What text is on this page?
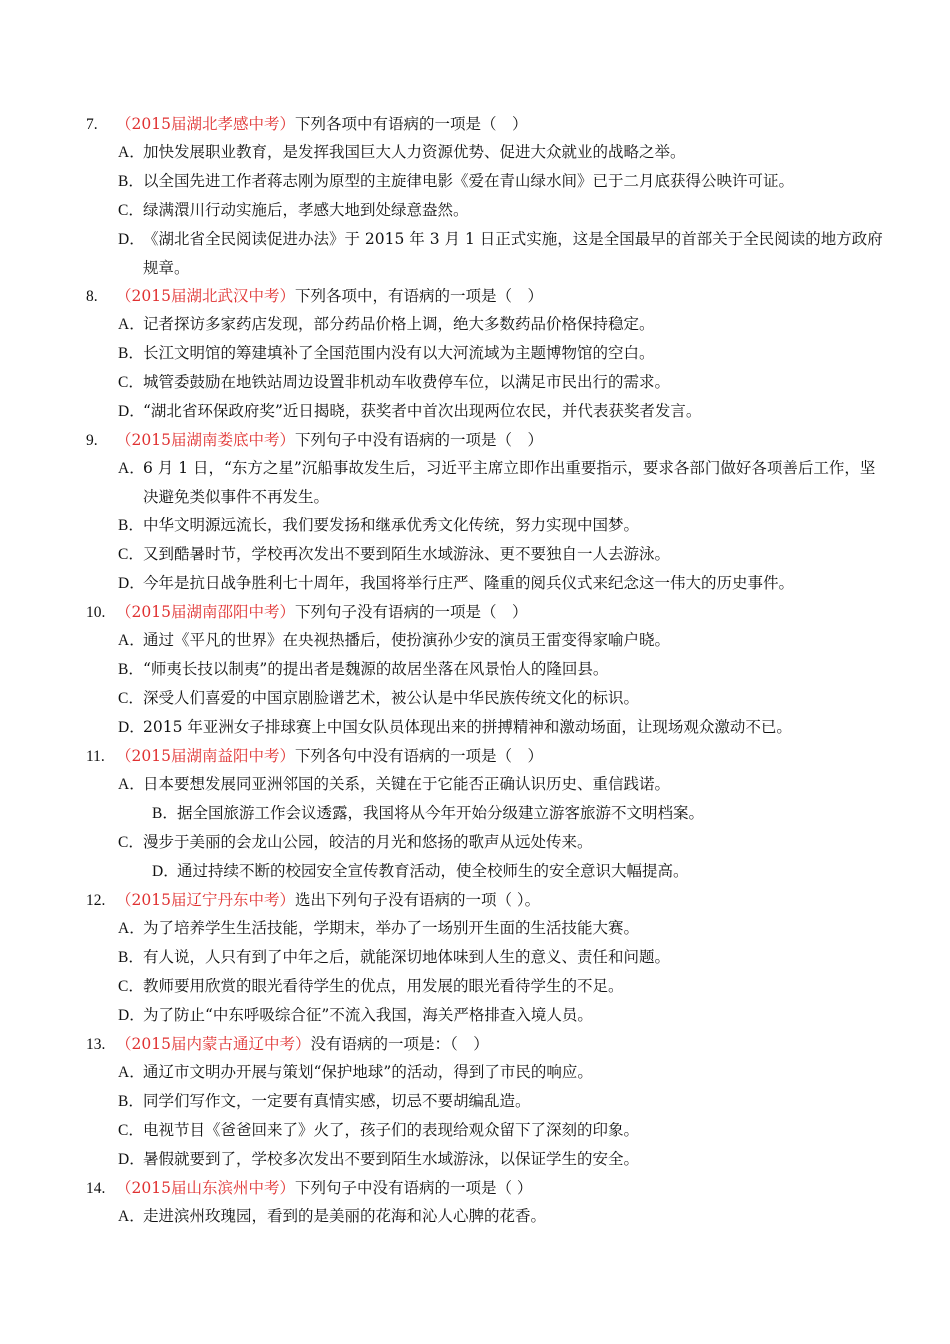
7. （2015届湖北孝感中考）下列各项中有语病的一项是（　）
A．加快发展职业教育，是发挥我国巨大人力资源优势、促进大众就业的战略之举。
B．以全国先进工作者蒋志刚为原型的主旋律电影《爱在青山绿水间》已于二月底获得公映许可证。
C．绿满澴川行动实施后，孝感大地到处绿意盎然。
D．《湖北省全民阅读促进办法》于 2015 年 3 月 1 日正式实施，这是全国最早的首部关于全民阅读的地方政府规章。
8. （2015届湖北武汉中考）下列各项中，有语病的一项是（　）
A．记者探访多家药店发现，部分药品价格上调，绝大多数药品价格保持稳定。
B．长江文明馆的筹建填补了全国范围内没有以大河流域为主题博物馆的空白。
C．城管委鼓励在地铁站周边设置非机动车收费停车位，以满足市民出行的需求。
D．“湖北省环保政府奖”近日揭晓，获奖者中首次出现两位农民，并代表获奖者发言。
9. （2015届湖南娄底中考）下列句子中没有语病的一项是（　）
A．6 月 1 日，“东方之星”沉船事故发生后，习近平主席立即作出重要指示，要求各部门做好各项善后工作，坚决避免类似事件不再发生。
B．中华文明源远流长，我们要发扬和继承优秀文化传统，努力实现中国梦。
C．又到酷暑时节，学校再次发出不要到陌生水域游泳、更不要独自一人去游泳。
D．今年是抗日战争胜利七十周年，我国将举行庄严、隆重的阅兵仪式来纪念这一伟大的历史事件。
10. （2015届湖南邵阳中考）下列句子没有语病的一项是（　）
A．通过《平凡的世界》在央视热播后，使扮演孙少安的演员王雷变得家喻户晓。
B．“师夷长技以制夷”的提出者是魏源的故居坐落在风景怡人的隆回县。
C．深受人们喜爱的中国京剧脸谱艺术，被公认是中华民族传统文化的标识。
D．2015 年亚洲女子排球赛上中国女队员体现出来的拼搏精神和激动场面，让现场观众激动不已。
11. （2015届湖南益阳中考）下列各句中没有语病的一项是（　）
A．日本要想发展同亚洲邻国的关系，关键在于它能否正确认识历史、重信践诺。
B．据全国旅游工作会议透露，我国将从今年开始分级建立游客旅游不文明档案。
C．漫步于美丽的会龙山公园，皎洁的月光和悠扬的歌声从远处传来。
D．通过持续不断的校园安全宣传教育活动，使全校师生的安全意识大幅提高。
12. （2015届辽宁丹东中考）选出下列句子没有语病的一项（ ）。
A．为了培养学生生活技能，学期末，举办了一场别开生面的生活技能大赛。
B．有人说，人只有到了中年之后，就能深切地体味到人生的意义、责任和问题。
C．教师要用欣赏的眼光看待学生的优点，用发展的眼光看待学生的不足。
D．为了防止“中东呼吸综合征”不流入我国，海关严格排查入境人员。
13. （2015届内蒙古通辽中考）没有语病的一项是：（　）
A．通辽市文明办开展与策划“保护地球”的活动，得到了市民的响应。
B．同学们写作文，一定要有真情实感，切忌不要胡编乱造。
C．电视节目《爸爸回来了》火了，孩子们的表现给观众留下了深刻的印象。
D．暑假就要到了，学校多次发出不要到陌生水域游泳，以保证学生的安全。
14. （2015届山东滨州中考）下列句子中没有语病的一项是（ ）
A．走进滨州玫瑰园，看到的是美丽的花海和沁人心脾的花香。
